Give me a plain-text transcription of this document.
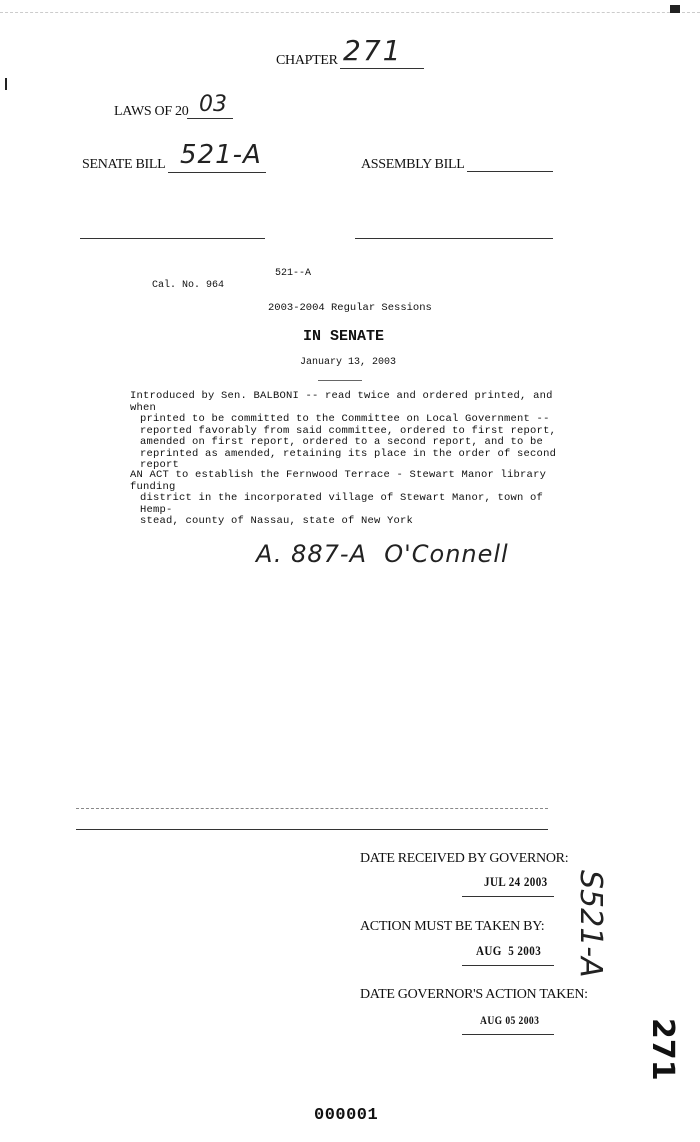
CHAPTER 271
LAWS OF 20 03
SENATE BILL 521-A	ASSEMBLY BILL
521--A
Cal. No. 964
2003-2004 Regular Sessions
IN SENATE
January 13, 2003
Introduced by Sen. BALBONI -- read twice and ordered printed, and when
printed to be committed to the Committee on Local Government --
reported favorably from said committee, ordered to first report,
amended on first report, ordered to a second report, and to be
reprinted as amended, retaining its place in the order of second
report
AN ACT to establish the Fernwood Terrace - Stewart Manor library funding
district in the incorporated village of Stewart Manor, town of Hemp-
stead, county of Nassau, state of New York
A. 887-A  O'Connell
DATE RECEIVED BY GOVERNOR:
JUL 24 2003
ACTION MUST BE TAKEN BY:
AUG  5 2003
DATE GOVERNOR'S ACTION TAKEN:
AUG 05 2003
S521-A
271
000001
